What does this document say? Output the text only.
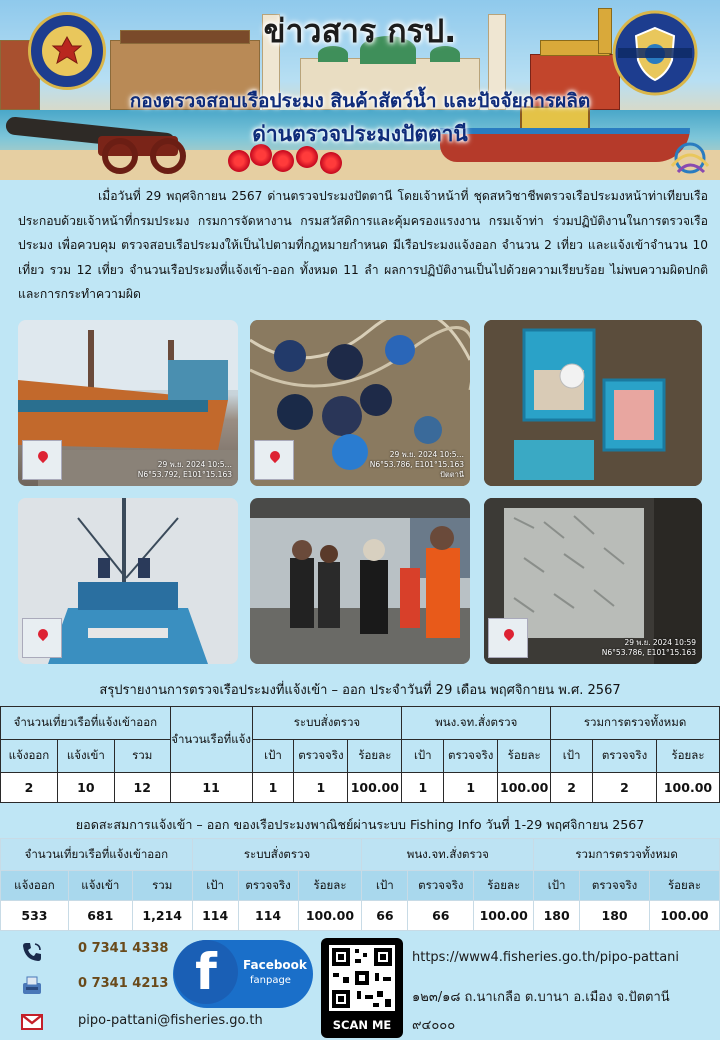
ข่าวสาร กรป.
กองตรวจสอบเรือประมง สินค้าสัตว์น้ำ และปัจจัยการผลิต
ด่านตรวจประมงปัตตานี

เมื่อวันที่ 29 พฤศจิกายน 2567 ด่านตรวจประมงปัตตานี โดยเจ้าหน้าที่ ชุดสหวิชาชีพตรวจเรือประมงหน้าท่าเทียบเรือ ประกอบด้วยเจ้าหน้าที่กรมประมง กรมการจัดหางาน กรมสวัสดิการและคุ้มครองแรงงาน กรมเจ้าท่า ร่วมปฏิบัติงานในการตรวจเรือประมง เพื่อควบคุม ตรวจสอบเรือประมงให้เป็นไปตามที่กฎหมายกำหนด มีเรือประมงแจ้งออก จำนวน 2 เที่ยว และแจ้งเข้าจำนวน 10 เที่ยว รวม 12 เที่ยว จำนวนเรือประมงที่แจ้งเข้า-ออก ทั้งหมด 11 ลำ ผลการปฏิบัติงานเป็นไปด้วยความเรียบร้อย ไม่พบความผิดปกติและการกระทำความผิด

29 พ.ย. 2024 10:5…
N6°53.792, E101°15.163
29 พ.ย. 2024 10:5…
N6°53.786, E101°15.163
ปัตตานี
29 พ.ย. 2024 10:59
N6°53.786, E101°15.163
สรุปรายงานการตรวจเรือประมงที่แจ้งเข้า – ออก ประจำวันที่ 29 เดือน พฤศจิกายน พ.ศ. 2567
จำนวนเที่ยวเรือที่แจ้งเข้าออก			จำนวนเรือที่แจ้ง	ระบบสั่งตรวจ			พนง.จท.สั่งตรวจ			รวมการตรวจทั้งหมด		
แจ้งออก	แจ้งเข้า	รวม		เป้า	ตรวจจริง	ร้อยละ	เป้า	ตรวจจริง	ร้อยละ	เป้า	ตรวจจริง	ร้อยละ
2	10	12	11	1	1	100.00	1	1	100.00	2	2	100.00
ยอดสะสมการแจ้งเข้า – ออก ของเรือประมงพาณิชย์ผ่านระบบ Fishing Info วันที่ 1-29 พฤศจิกายน 2567
จำนวนเที่ยวเรือที่แจ้งเข้าออก			ระบบสั่งตรวจ			พนง.จท.สั่งตรวจ			รวมการตรวจทั้งหมด		
แจ้งออก	แจ้งเข้า	รวม	เป้า	ตรวจจริง	ร้อยละ	เป้า	ตรวจจริง	ร้อยละ	เป้า	ตรวจจริง	ร้อยละ
533	681	1,214	114	114	100.00	66	66	100.00	180	180	100.00
0 7341 4338
0 7341 4213
pipo-pattani@fisheries.go.th
f	Facebook
fanpage
SCAN ME
https://www4.fisheries.go.th/pipo-pattani
๑๒๓/๑๘ ถ.นาเกลือ ต.บานา อ.เมือง จ.ปัตตานี
๙๔๐๐๐
